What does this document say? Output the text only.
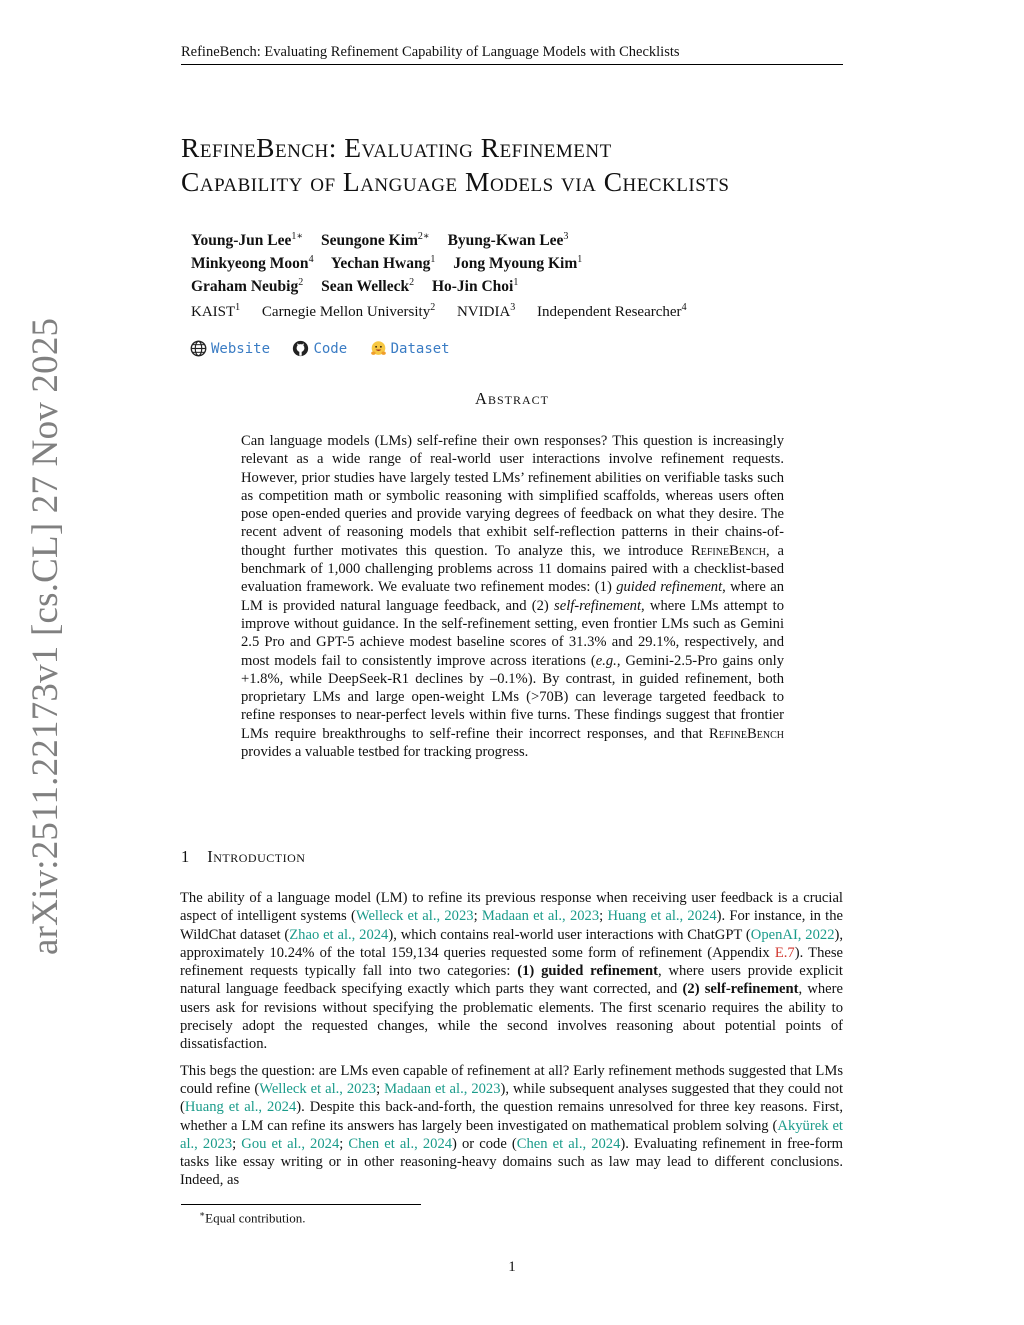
RefineBench: Evaluating Refinement Capability of Language Models with Checklists
arXiv:2511.22173v1 [cs.CL] 27 Nov 2025
RefineBench: Evaluating Refinement
Capability of Language Models via Checklists
Young-Jun Lee$^{1∗}$ Seungone Kim$^{2∗}$ Byung-Kwan Lee$^3$
Minkyeong Moon$^4$ Yechan Hwang$^1$ Jong Myoung Kim$^1$
Graham Neubig$^2$ Sean Welleck$^2$ Ho-Jin Choi$^1$
KAIST$^1$ Carnegie Mellon University$^2$ NVIDIA$^3$ Independent Researcher$^4$
Website
	Code
	Dataset
Abstract
Can language models (LMs) self-refine their own responses? This question is increasingly relevant as a wide range of real-world user interactions involve refinement requests. However, prior studies have largely tested LMs’ refinement abilities on verifiable tasks such as competition math or symbolic reasoning with simplified scaffolds, whereas users often pose open-ended queries and provide varying degrees of feedback on what they desire. The recent advent of reasoning models that exhibit self-reflection patterns in their chains-of-thought further motivates this question. To analyze this, we introduce RefineBench, a benchmark of 1,000 challenging problems across 11 domains paired with a checklist-based evaluation framework. We evaluate two refinement modes: (1) guided refinement, where an LM is provided natural language feedback, and (2) self-refinement, where LMs attempt to improve without guidance. In the self-refinement setting, even frontier LMs such as Gemini 2.5 Pro and GPT-5 achieve modest baseline scores of 31.3% and 29.1%, respectively, and most models fail to consistently improve across iterations (e.g., Gemini-2.5-Pro gains only +1.8%, while DeepSeek-R1 declines by –0.1%). By contrast, in guided refinement, both proprietary LMs and large open-weight LMs (>70B) can leverage targeted feedback to refine responses to near-perfect levels within five turns. These findings suggest that frontier LMs require breakthroughs to self-refine their incorrect responses, and that RefineBench provides a valuable testbed for tracking progress.
1 Introduction

The ability of a language model (LM) to refine its previous response when receiving user feedback is a crucial aspect of intelligent systems (Welleck et al., 2023; Madaan et al., 2023; Huang et al., 2024). For instance, in the WildChat dataset (Zhao et al., 2024), which contains real-world user interactions with ChatGPT (OpenAI, 2022), approximately 10.24% of the total 159,134 queries requested some form of refinement (Appendix E.7). These refinement requests typically fall into two categories: (1) guided refinement, where users provide explicit natural language feedback specifying exactly which parts they want corrected, and (2) self-refinement, where users ask for revisions without specifying the problematic elements. The first scenario requires the ability to precisely adopt the requested changes, while the second involves reasoning about potential points of dissatisfaction.

This begs the question: are LMs even capable of refinement at all? Early refinement methods suggested that LMs could refine (Welleck et al., 2023; Madaan et al., 2023), while subsequent analyses suggested that they could not (Huang et al., 2024). Despite this back-and-forth, the question remains unresolved for three key reasons. First, whether a LM can refine its answers has largely been investigated on mathematical problem solving (Akyürek et al., 2023; Gou et al., 2024; Chen et al., 2024) or code (Chen et al., 2024). Evaluating refinement in free-form tasks like essay writing or in other reasoning-heavy domains such as law may lead to different conclusions. Indeed, as

∗Equal contribution.
1
